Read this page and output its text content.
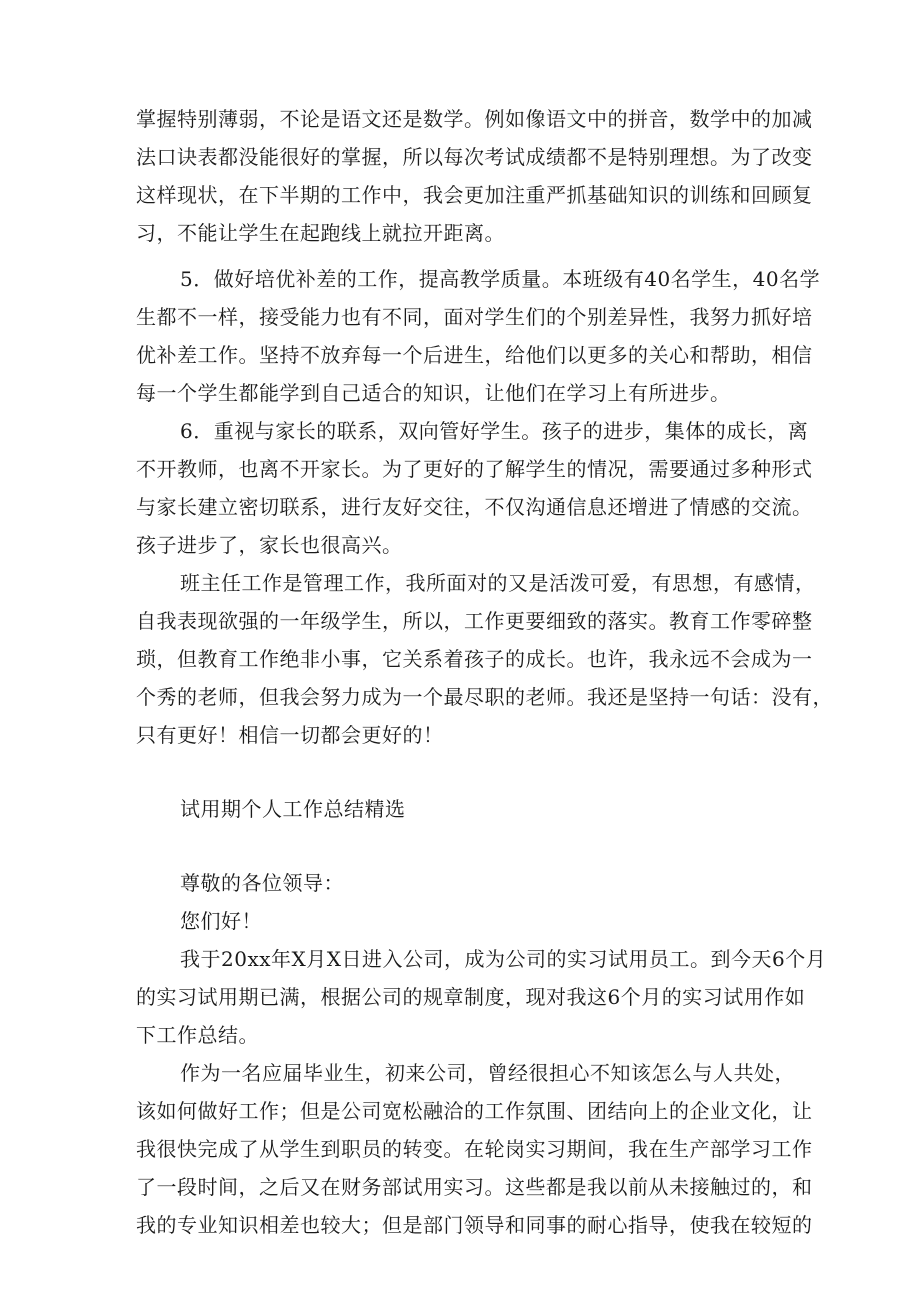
掌握特别薄弱，不论是语文还是数学。例如像语文中的拼音，数学中的加减
法口诀表都没能很好的掌握，所以每次考试成绩都不是特别理想。为了改变
这样现状，在下半期的工作中，我会更加注重严抓基础知识的训练和回顾复
习，不能让学生在起跑线上就拉开距离。
5．做好培优补差的工作，提高教学质量。本班级有40名学生，40名学
生都不一样，接受能力也有不同，面对学生们的个别差异性，我努力抓好培
优补差工作。坚持不放弃每一个后进生，给他们以更多的关心和帮助，相信
每一个学生都能学到自己适合的知识，让他们在学习上有所进步。
6．重视与家长的联系，双向管好学生。孩子的进步，集体的成长，离
不开教师，也离不开家长。为了更好的了解学生的情况，需要通过多种形式
与家长建立密切联系，进行友好交往，不仅沟通信息还增进了情感的交流。
孩子进步了，家长也很高兴。
班主任工作是管理工作，我所面对的又是活泼可爱，有思想，有感情，
自我表现欲强的一年级学生，所以，工作更要细致的落实。教育工作零碎整
琐，但教育工作绝非小事，它关系着孩子的成长。也许，我永远不会成为一
个秀的老师，但我会努力成为一个最尽职的老师。我还是坚持一句话：没有，
只有更好！相信一切都会更好的！
试用期个人工作总结精选
尊敬的各位领导：
您们好！
我于20xx年X月X日进入公司，成为公司的实习试用员工。到今天6个月
的实习试用期已满，根据公司的规章制度，现对我这6个月的实习试用作如
下工作总结。
作为一名应届毕业生，初来公司，曾经很担心不知该怎么与人共处，
该如何做好工作；但是公司宽松融洽的工作氛围、团结向上的企业文化，让
我很快完成了从学生到职员的转变。在轮岗实习期间，我在生产部学习工作
了一段时间，之后又在财务部试用实习。这些都是我以前从未接触过的，和
我的专业知识相差也较大；但是部门领导和同事的耐心指导，使我在较短的
